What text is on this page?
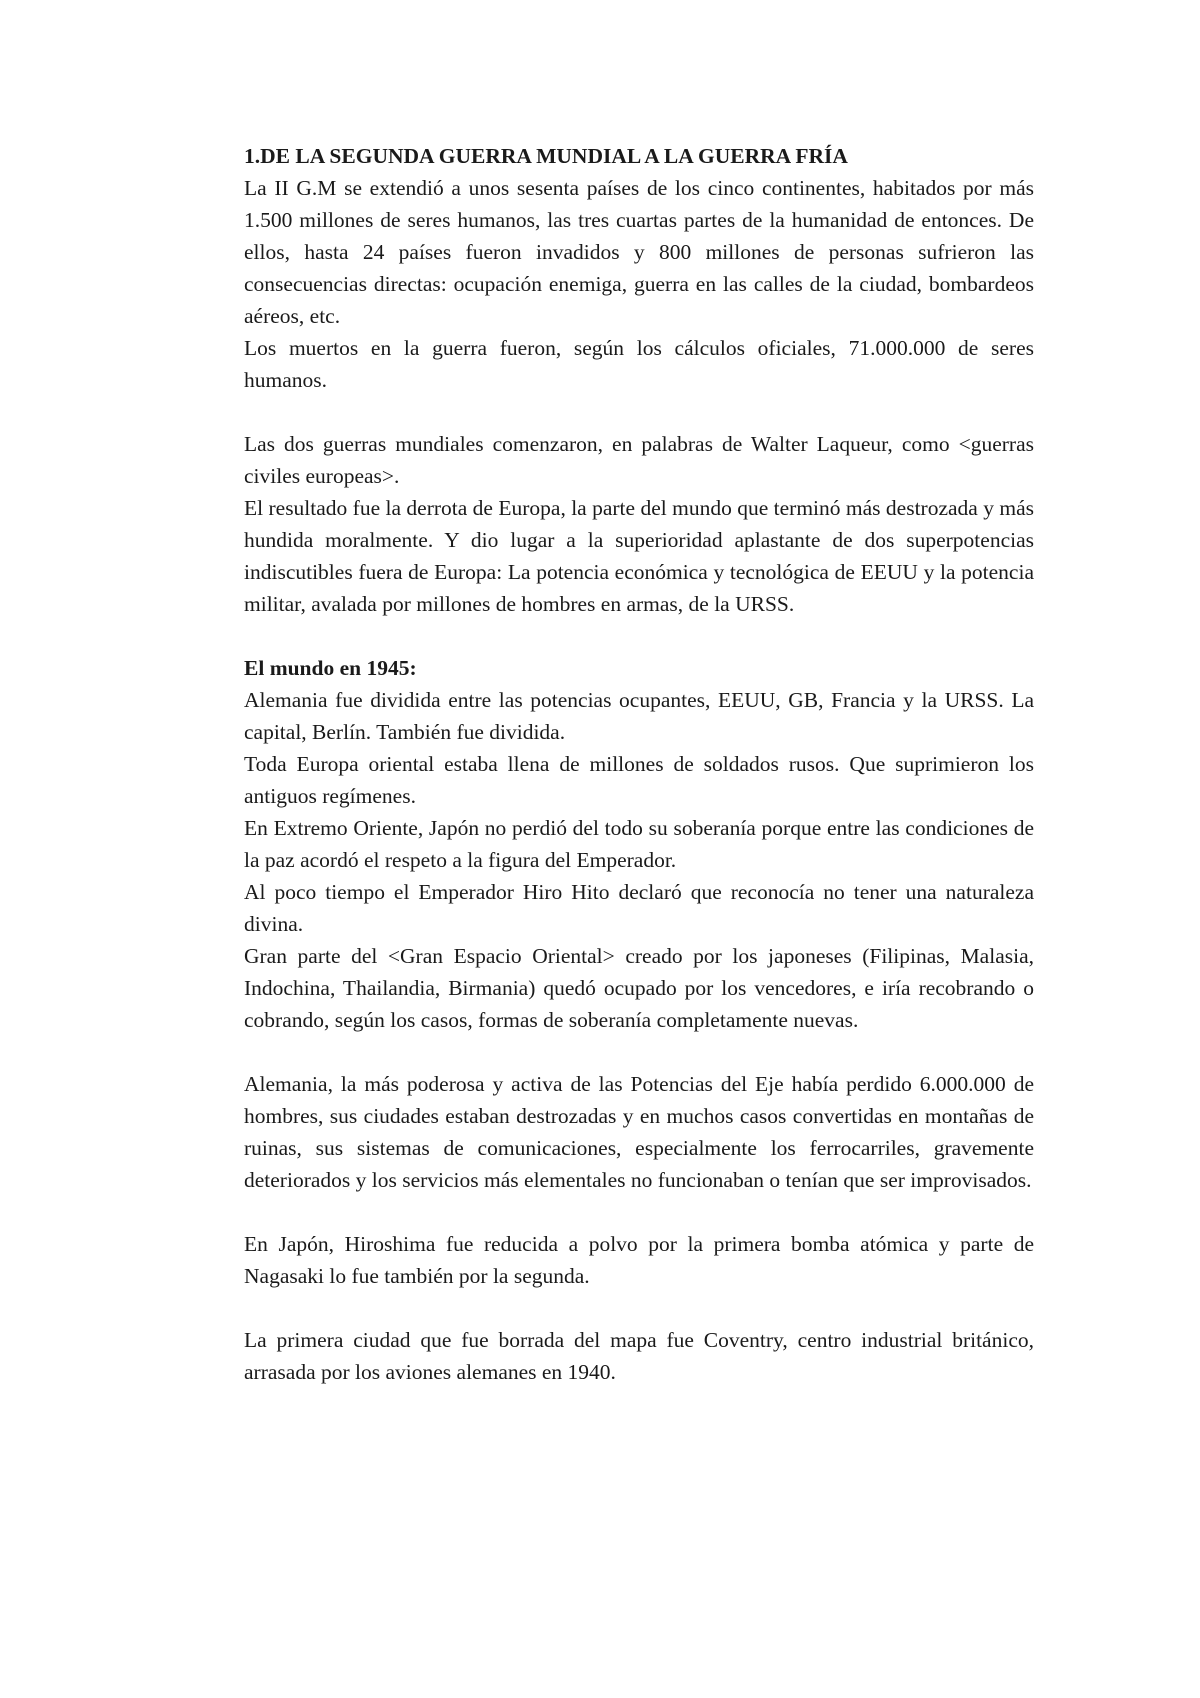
1.DE LA SEGUNDA GUERRA MUNDIAL A LA GUERRA FRÍA

La II G.M se extendió a unos sesenta países de los cinco continentes, habitados por más 1.500 millones de seres humanos, las tres cuartas partes de la humanidad de entonces. De ellos, hasta 24 países fueron invadidos y 800 millones de personas sufrieron las consecuencias directas: ocupación enemiga, guerra en las calles de la ciudad, bombardeos aéreos, etc.

Los muertos en la guerra fueron, según los cálculos oficiales, 71.000.000 de seres humanos.

Las dos guerras mundiales comenzaron, en palabras de Walter Laqueur, como <guerras civiles europeas>.

El resultado fue la derrota de Europa, la parte del mundo que terminó más destrozada y más hundida moralmente. Y dio lugar a la superioridad aplastante de dos superpotencias indiscutibles fuera de Europa: La potencia económica y tecnológica de EEUU y la potencia militar, avalada por millones de hombres en armas, de la URSS.

El mundo en 1945:

Alemania fue dividida entre las potencias ocupantes, EEUU, GB, Francia y la URSS. La capital, Berlín. También fue dividida.

Toda Europa oriental estaba llena de millones de soldados rusos. Que suprimieron los antiguos regímenes.

En Extremo Oriente, Japón no perdió del todo su soberanía porque entre las condiciones de la paz acordó el respeto a la figura del Emperador.

Al poco tiempo el Emperador Hiro Hito declaró que reconocía no tener una naturaleza divina.

Gran parte del <Gran Espacio Oriental> creado por los japoneses (Filipinas, Malasia, Indochina, Thailandia, Birmania) quedó ocupado por los vencedores, e iría recobrando o cobrando, según los casos, formas de soberanía completamente nuevas.

Alemania, la más poderosa y activa de las Potencias del Eje había perdido 6.000.000 de hombres, sus ciudades estaban destrozadas y en muchos casos convertidas en montañas de ruinas, sus sistemas de comunicaciones, especialmente los ferrocarriles, gravemente deteriorados y los servicios más elementales no funcionaban o tenían que ser improvisados.

En Japón, Hiroshima fue reducida a polvo por la primera bomba atómica y parte de Nagasaki lo fue también por la segunda.

La primera ciudad que fue borrada del mapa fue Coventry, centro industrial británico, arrasada por los aviones alemanes en 1940.
